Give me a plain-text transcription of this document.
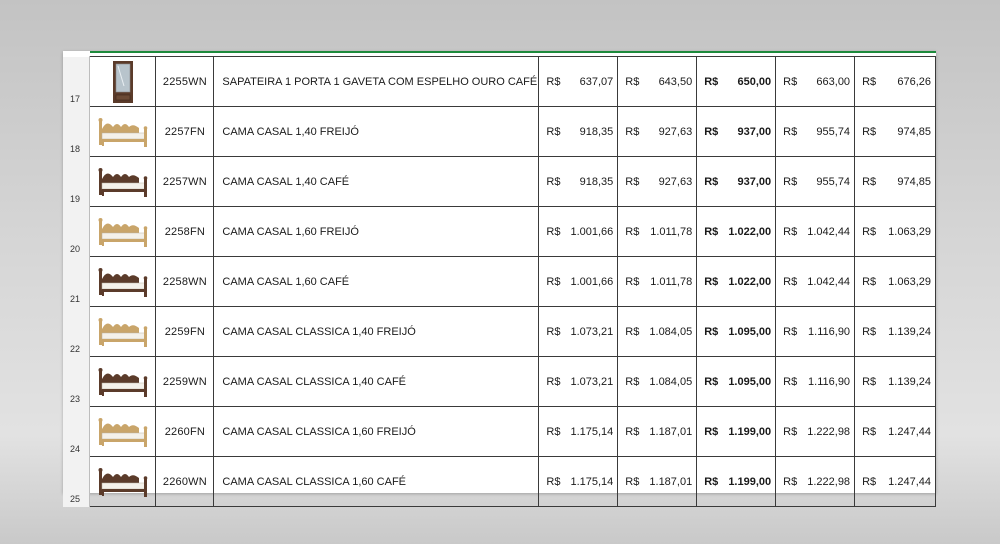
17		2255WN	SAPATEIRA 1 PORTA 1 GAVETA COM ESPELHO OURO CAFÉ	R$ 637,07	R$ 643,50	R$ 650,00	R$ 663,00	R$ 676,26

18		2257FN	CAMA CASAL 1,40 FREIJÓ	R$ 918,35	R$ 927,63	R$ 937,00	R$ 955,74	R$ 974,85

19		2257WN	CAMA CASAL 1,40 CAFÉ	R$ 918,35	R$ 927,63	R$ 937,00	R$ 955,74	R$ 974,85

20		2258FN	CAMA CASAL 1,60 FREIJÓ	R$ 1.001,66	R$ 1.011,78	R$ 1.022,00	R$ 1.042,44	R$ 1.063,29

21		2258WN	CAMA CASAL 1,60 CAFÉ	R$ 1.001,66	R$ 1.011,78	R$ 1.022,00	R$ 1.042,44	R$ 1.063,29

22		2259FN	CAMA CASAL CLASSICA 1,40 FREIJÓ	R$ 1.073,21	R$ 1.084,05	R$ 1.095,00	R$ 1.116,90	R$ 1.139,24

23		2259WN	CAMA CASAL CLASSICA 1,40 CAFÉ	R$ 1.073,21	R$ 1.084,05	R$ 1.095,00	R$ 1.116,90	R$ 1.139,24

24		2260FN	CAMA CASAL CLASSICA 1,60 FREIJÓ	R$ 1.175,14	R$ 1.187,01	R$ 1.199,00	R$ 1.222,98	R$ 1.247,44

25		2260WN	CAMA CASAL CLASSICA 1,60 CAFÉ	R$ 1.175,14	R$ 1.187,01	R$ 1.199,00	R$ 1.222,98	R$ 1.247,44
